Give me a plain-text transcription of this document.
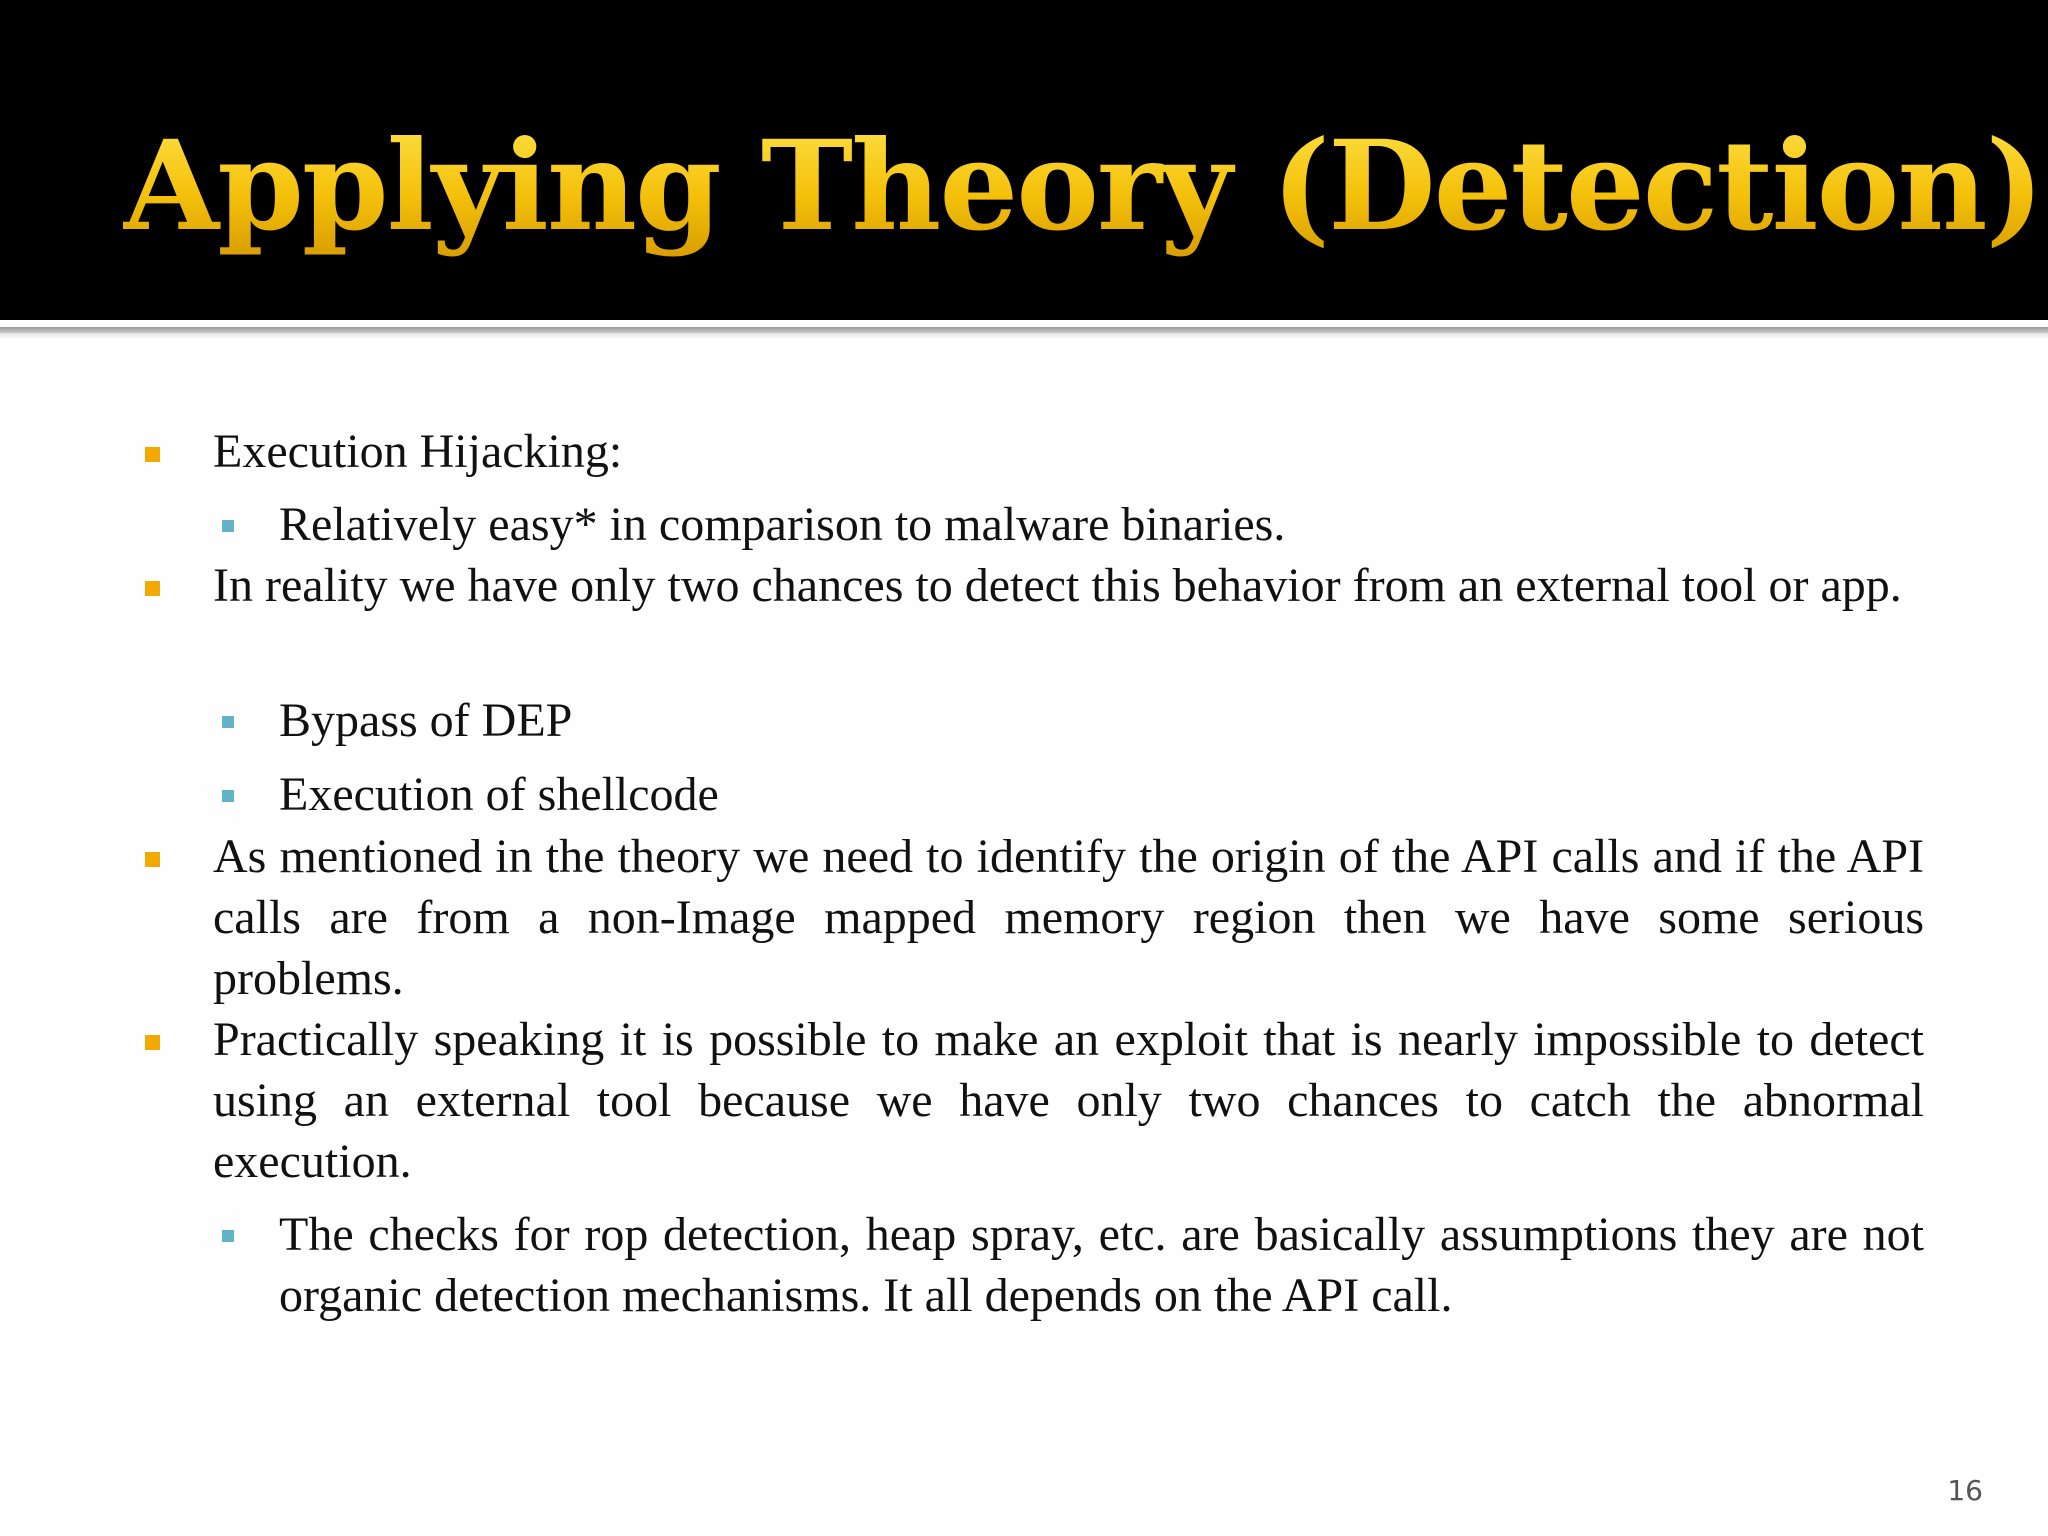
Applying Theory (Detection)

Execution Hijacking:

Relatively easy* in comparison to malware binaries.

In reality we have only two chances to detect this behavior from an external tool or app.

Bypass of DEP

Execution of shellcode

As mentioned in the theory we need to identify the origin of the API calls and if the API calls are from a non-Image mapped memory region then we have some serious problems.

Practically speaking it is possible to make an exploit that is nearly impossible to detect using an external tool because we have only two chances to catch the abnormal execution.

The checks for rop detection, heap spray, etc. are basically assumptions they are not organic detection mechanisms. It all depends on the API call.

16
